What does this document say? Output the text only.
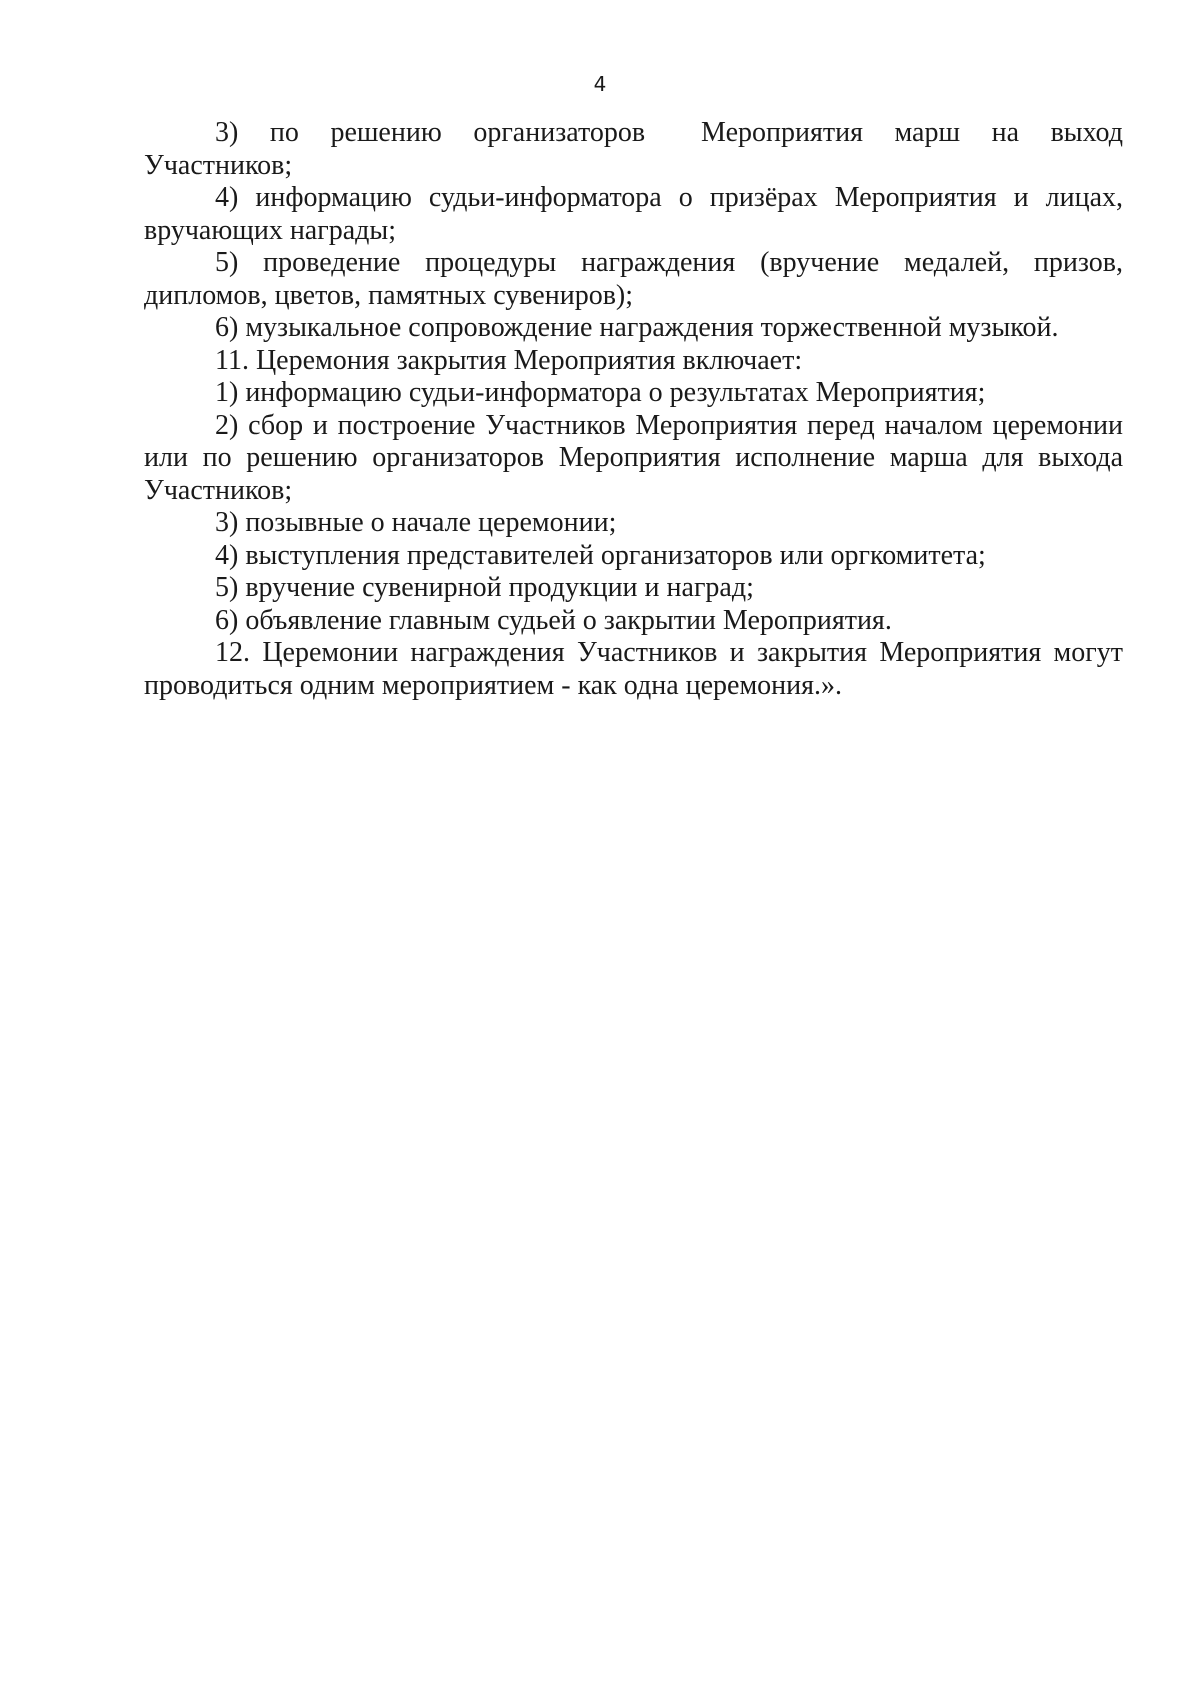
4

3) по решению организаторов Мероприятия марш на выход Участников;

4) информацию судьи-информатора о призёрах Мероприятия и лицах, вручающих награды;

5) проведение процедуры награждения (вручение медалей, призов, дипломов, цветов, памятных сувениров);

6) музыкальное сопровождение награждения торжественной музыкой.

11. Церемония закрытия Мероприятия включает:

1) информацию судьи-информатора о результатах Мероприятия;

2) сбор и построение Участников Мероприятия перед началом церемонии или по решению организаторов Мероприятия исполнение марша для выхода Участников;

3) позывные о начале церемонии;

4) выступления представителей организаторов или оргкомитета;

5) вручение сувенирной продукции и наград;

6) объявление главным судьей о закрытии Мероприятия.

12. Церемонии награждения Участников и закрытия Мероприятия могут проводиться одним мероприятием - как одна церемония.».
